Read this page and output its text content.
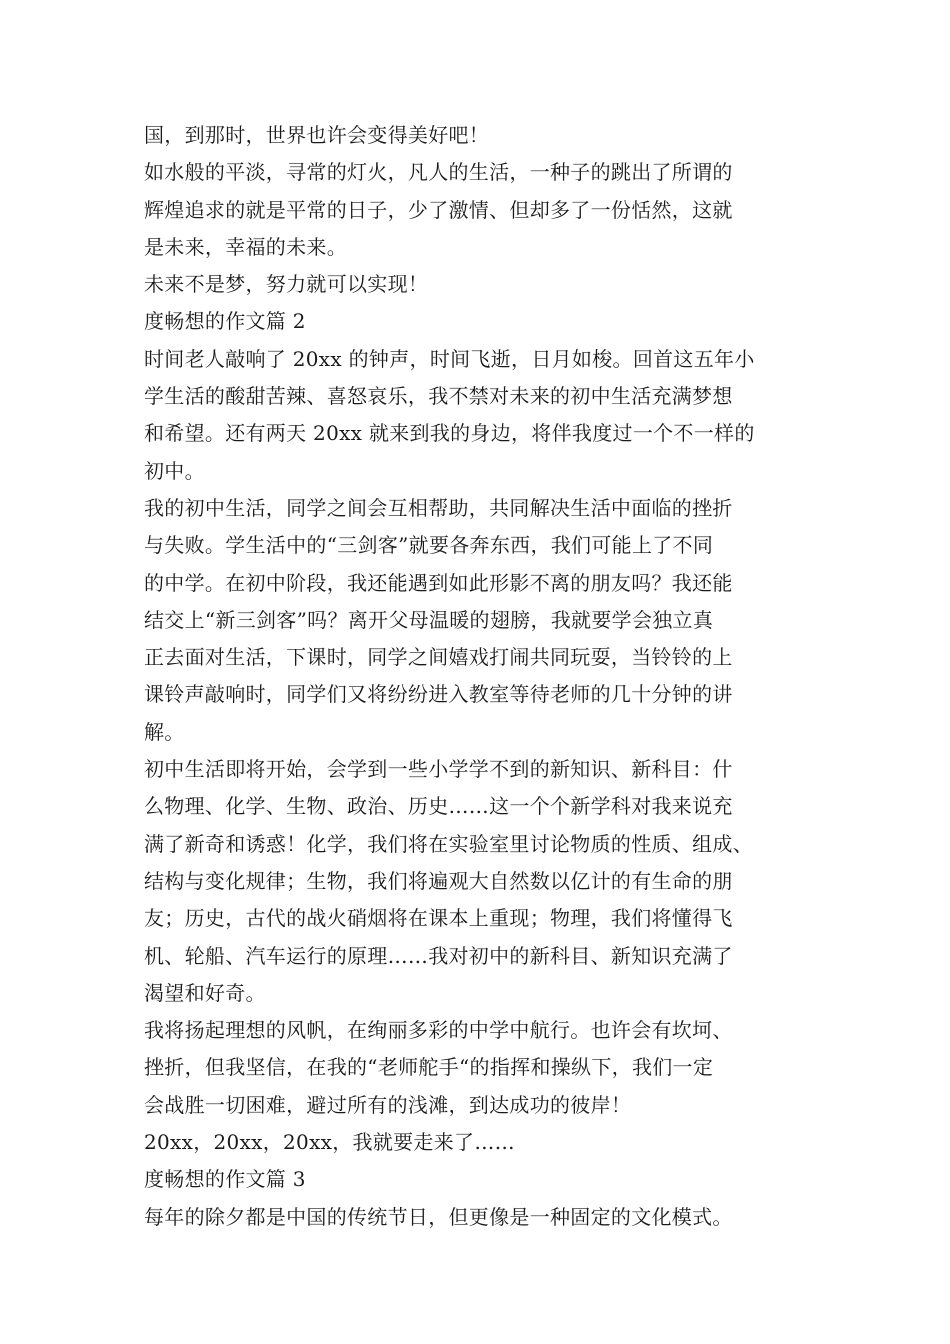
国，到那时，世界也许会变得美好吧！
如水般的平淡，寻常的灯火，凡人的生活，一种子的跳出了所谓的
辉煌追求的就是平常的日子，少了激情、但却多了一份恬然，这就
是未来，幸福的未来。
未来不是梦，努力就可以实现！
度畅想的作文篇 2
时间老人敲响了 20xx 的钟声，时间飞逝，日月如梭。回首这五年小
学生活的酸甜苦辣、喜怒哀乐，我不禁对未来的初中生活充满梦想
和希望。还有两天 20xx 就来到我的身边，将伴我度过一个不一样的
初中。
我的初中生活，同学之间会互相帮助，共同解决生活中面临的挫折
与失败。学生活中的“三剑客”就要各奔东西，我们可能上了不同
的中学。在初中阶段，我还能遇到如此形影不离的朋友吗？我还能
结交上“新三剑客”吗？离开父母温暖的翅膀，我就要学会独立真
正去面对生活，下课时，同学之间嬉戏打闹共同玩耍，当铃铃的上
课铃声敲响时，同学们又将纷纷进入教室等待老师的几十分钟的讲
解。
初中生活即将开始，会学到一些小学学不到的新知识、新科目：什
么物理、化学、生物、政治、历史……这一个个新学科对我来说充
满了新奇和诱惑！化学，我们将在实验室里讨论物质的性质、组成、
结构与变化规律；生物，我们将遍观大自然数以亿计的有生命的朋
友；历史，古代的战火硝烟将在课本上重现；物理，我们将懂得飞
机、轮船、汽车运行的原理……我对初中的新科目、新知识充满了
渴望和好奇。
我将扬起理想的风帆，在绚丽多彩的中学中航行。也许会有坎坷、
挫折，但我坚信，在我的“老师舵手“的指挥和操纵下，我们一定
会战胜一切困难，避过所有的浅滩，到达成功的彼岸！
20xx，20xx，20xx，我就要走来了……
度畅想的作文篇 3
每年的除夕都是中国的传统节日，但更像是一种固定的文化模式。
